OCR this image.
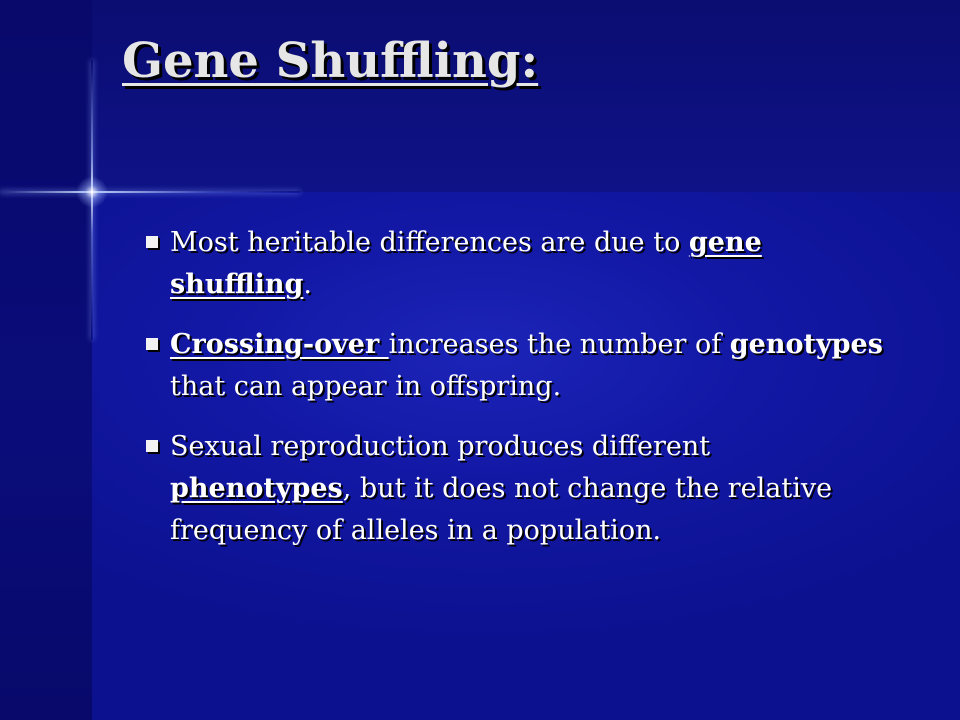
Gene Shuffling:
Most heritable differences are due to gene shuffling.
Crossing-over increases the number of genotypes that can appear in offspring.
Sexual reproduction produces different phenotypes, but it does not change the relative frequency of alleles in a population.
